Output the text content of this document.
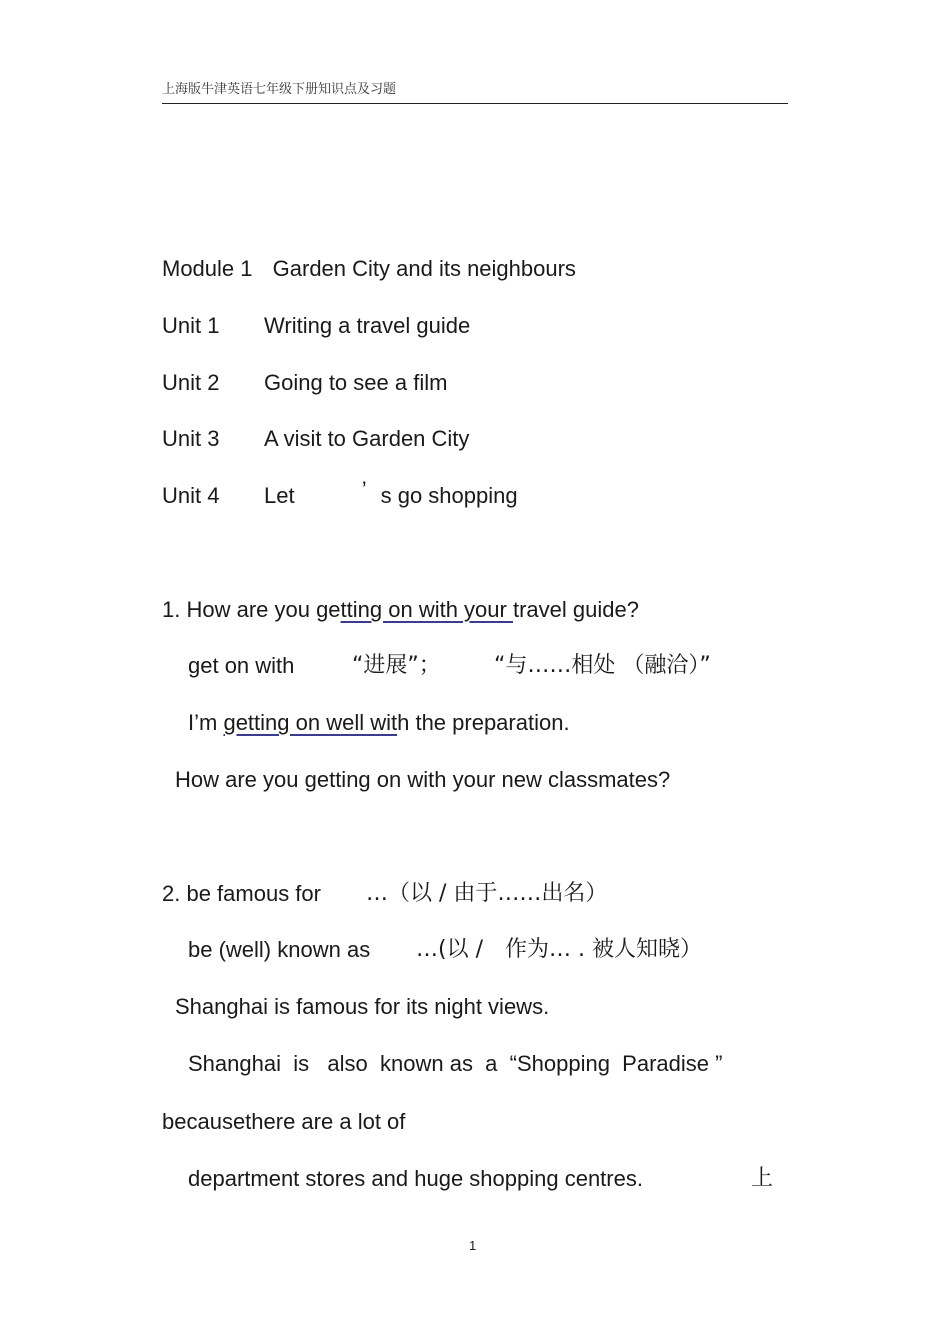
上海版牛津英语七年级下册知识点及习题
Module 1 Garden City and its neighbours
Unit 1 Writing a travel guide
Unit 2 Going to see a film
Unit 3 A visit to Garden City
Unit 4 Let	’ s go shopping
1. How are you getting on with your travel guide?
get on with	“进展”； “与……相处 （融洽）”
I’m getting on well with the preparation.
How are you getting on with your new classmates?
2. be famous for …（以 / 由于……出名）
be (well) known as …(以 /　作为… . 被人知晓）
Shanghai is famous for its night views.
Shanghai  is   also  known as  a  “Shopping  Paradise ”
becausethere are a lot of
department stores and huge shopping centres.	上
1
